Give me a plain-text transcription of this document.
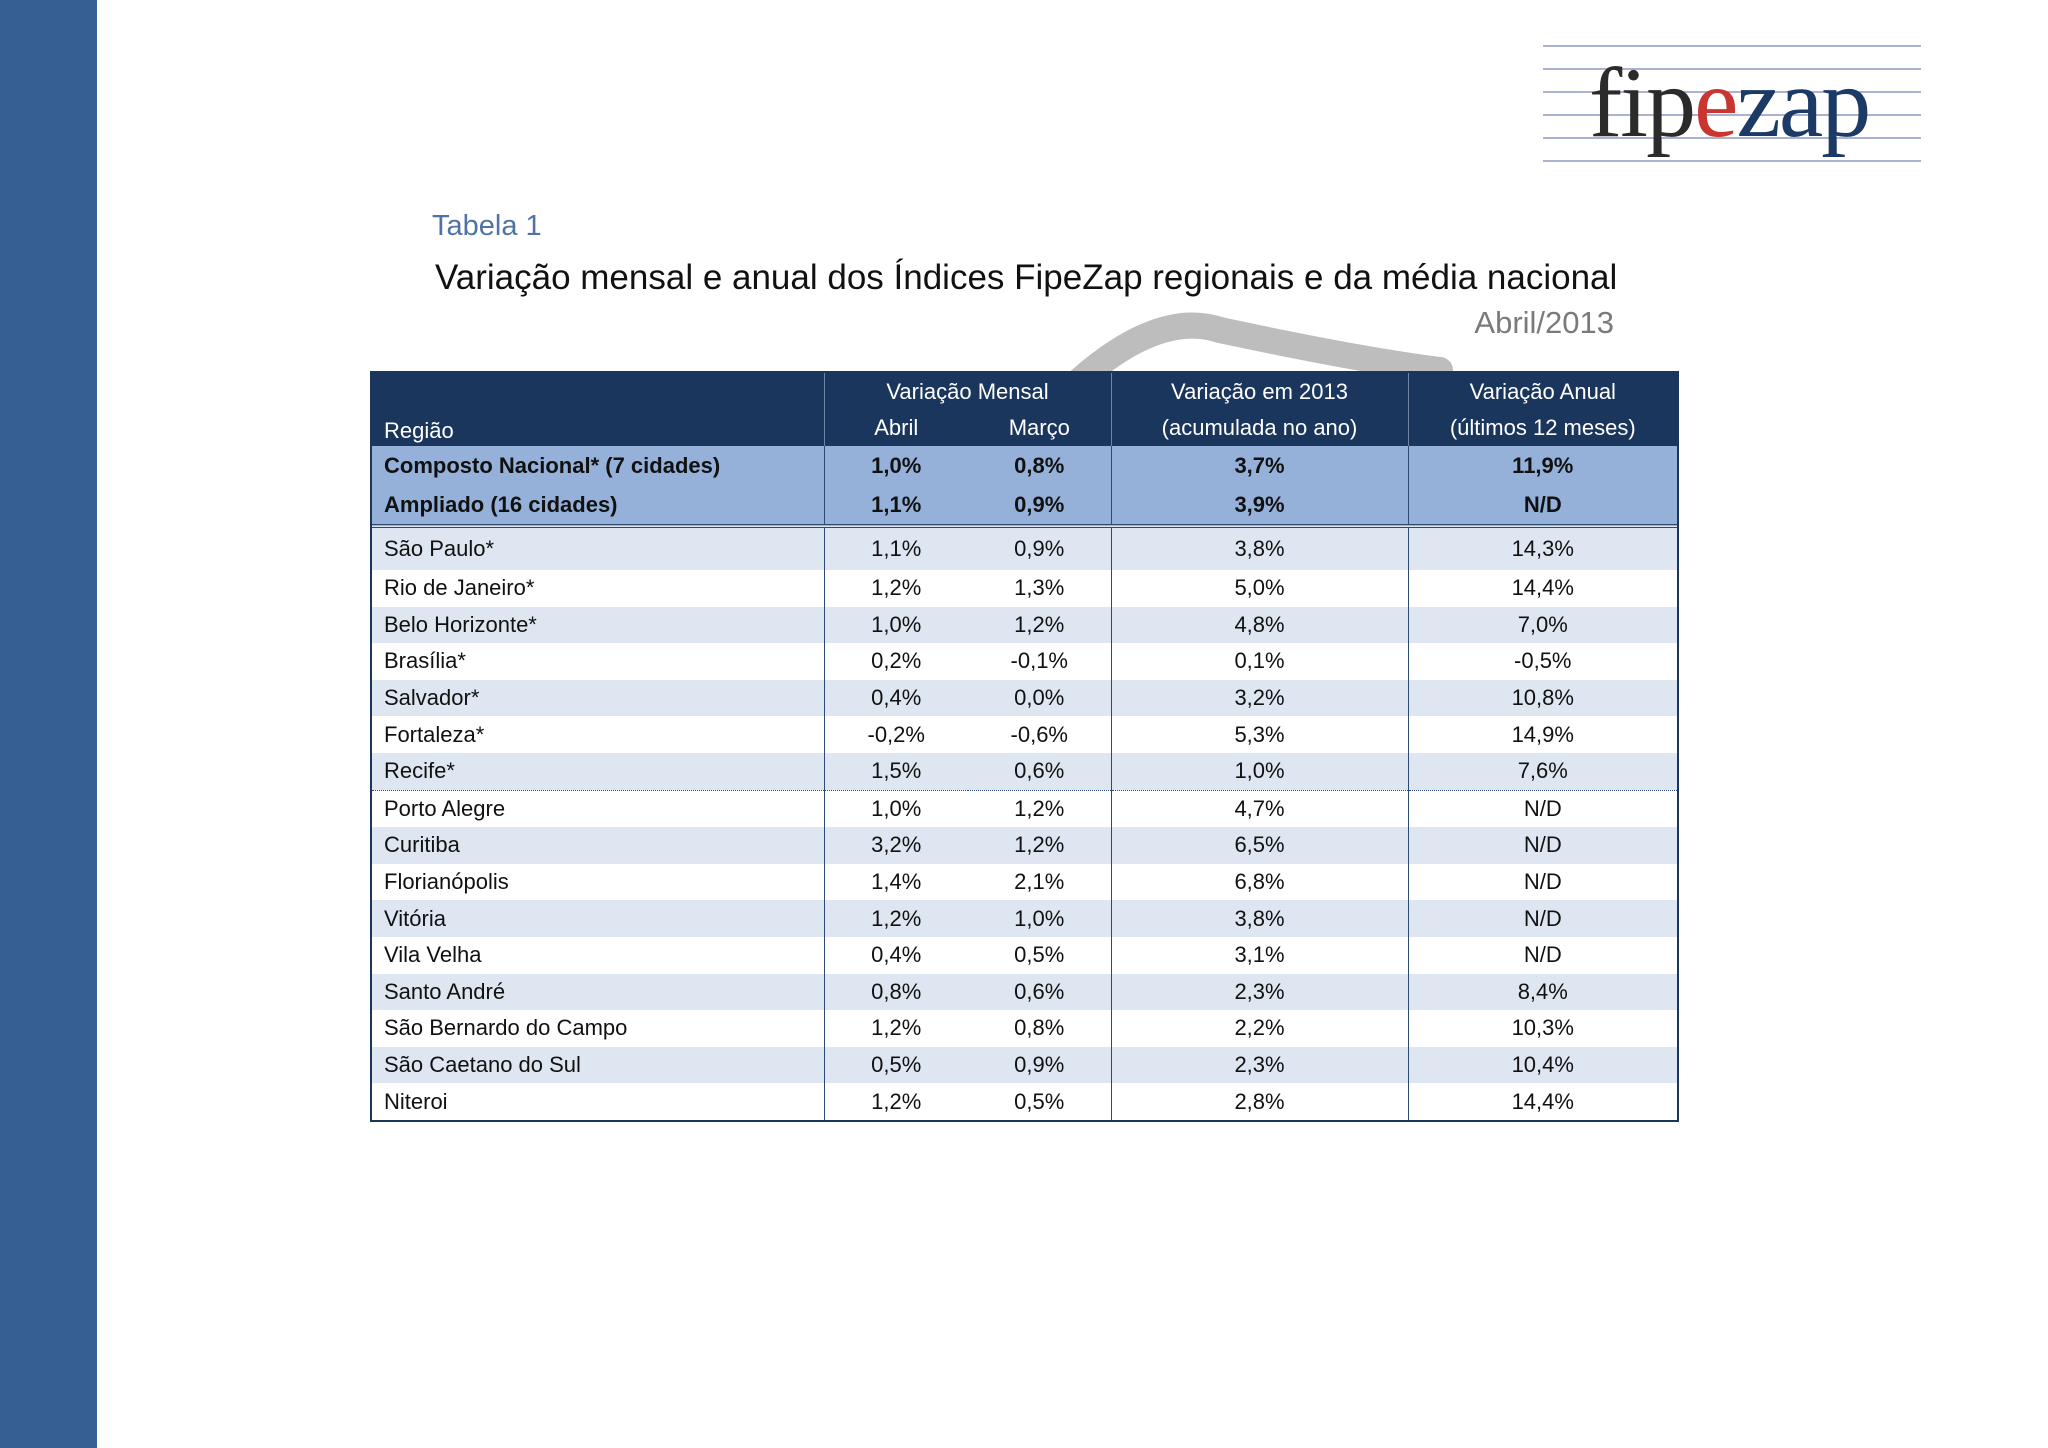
fipezap
Tabela 1
Variação mensal e anual dos Índices FipeZap regionais e da média nacional
Abril/2013
Região	Variação Mensal		Variação em 2013	Variação Anual
	Abril	Março	(acumulada no ano)	(últimos 12 meses)
Composto Nacional* (7 cidades)	1,0%	0,8%	3,7%	11,9%
Ampliado (16 cidades)	1,1%	0,9%	3,9%	N/D
São Paulo*	1,1%	0,9%	3,8%	14,3%
Rio de Janeiro*	1,2%	1,3%	5,0%	14,4%
Belo Horizonte*	1,0%	1,2%	4,8%	7,0%
Brasília*	0,2%	-0,1%	0,1%	-0,5%
Salvador*	0,4%	0,0%	3,2%	10,8%
Fortaleza*	-0,2%	-0,6%	5,3%	14,9%
Recife*	1,5%	0,6%	1,0%	7,6%
Porto Alegre	1,0%	1,2%	4,7%	N/D
Curitiba	3,2%	1,2%	6,5%	N/D
Florianópolis	1,4%	2,1%	6,8%	N/D
Vitória	1,2%	1,0%	3,8%	N/D
Vila Velha	0,4%	0,5%	3,1%	N/D
Santo André	0,8%	0,6%	2,3%	8,4%
São Bernardo do Campo	1,2%	0,8%	2,2%	10,3%
São Caetano do Sul	0,5%	0,9%	2,3%	10,4%
Niteroi	1,2%	0,5%	2,8%	14,4%
